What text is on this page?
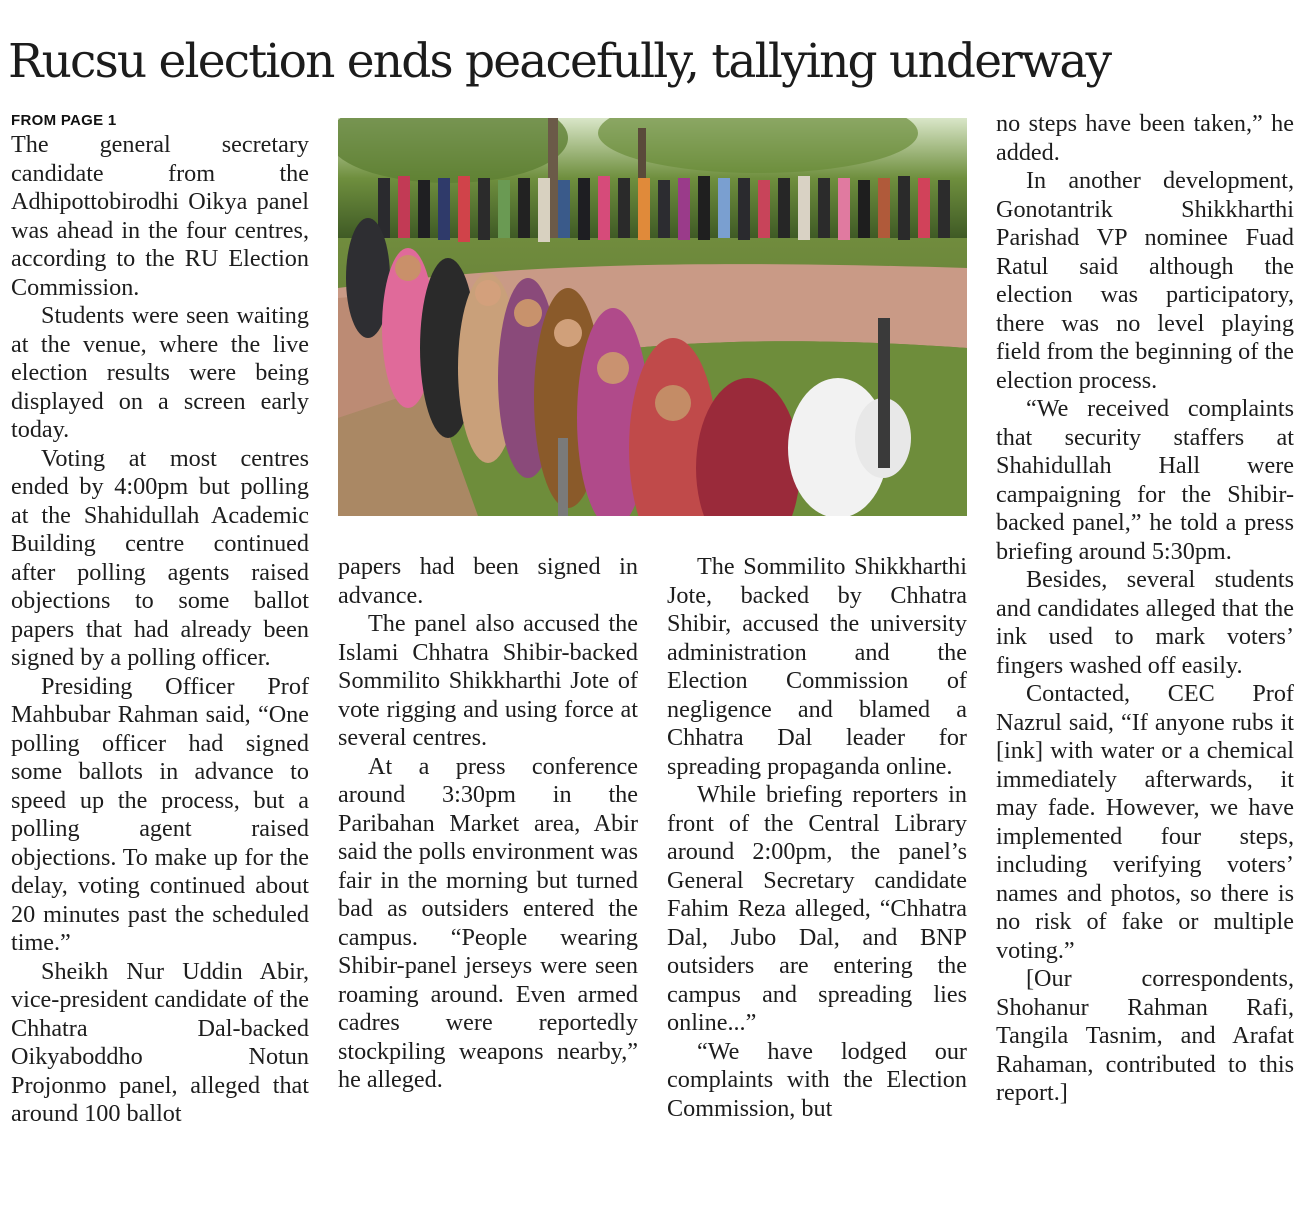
Rucsu election ends peacefully, tallying underway
FROM PAGE 1

The general secretary candidate from the Adhipottobirodhi Oikya panel was ahead in the four centres, according to the RU Election Commission.

Students were seen waiting at the venue, where the live election results were being displayed on a screen early today.

Voting at most centres ended by 4:00pm but polling at the Shahidullah Academic Building centre continued after polling agents raised objections to some ballot papers that had already been signed by a polling officer.

Presiding Officer Prof Mahbubar Rahman said, “One polling officer had signed some ballots in advance to speed up the process, but a polling agent raised objections. To make up for the delay, voting continued about 20 minutes past the scheduled time.”

Sheikh Nur Uddin Abir, vice-president candidate of the Chhatra Dal-backed Oikyaboddho Notun Projonmo panel, alleged that around 100 ballot

papers had been signed in advance.

The panel also accused the Islami Chhatra Shibir-backed Sommilito Shikkharthi Jote of vote rigging and using force at several centres.

At a press conference around 3:30pm in the Paribahan Market area, Abir said the polls environment was fair in the morning but turned bad as outsiders entered the campus. “People wearing Shibir-panel jerseys were seen roaming around. Even armed cadres were reportedly stockpiling weapons nearby,” he alleged.

The Sommilito Shikkharthi Jote, backed by Chhatra Shibir, accused the university administration and the Election Commission of negligence and blamed a Chhatra Dal leader for spreading propaganda online.

While briefing reporters in front of the Central Library around 2:00pm, the panel’s General Secretary candidate Fahim Reza alleged, “Chhatra Dal, Jubo Dal, and BNP outsiders are entering the campus and spreading lies online...”

“We have lodged our complaints with the Election Commission, but

no steps have been taken,” he added.

In another development, Gonotantrik Shikkharthi Parishad VP nominee Fuad Ratul said although the election was participatory, there was no level playing field from the beginning of the election process.

“We received complaints that security staffers at Shahidullah Hall were campaigning for the Shibir-backed panel,” he told a press briefing around 5:30pm.

Besides, several students and candidates alleged that the ink used to mark voters’ fingers washed off easily.

Contacted, CEC Prof Nazrul said, “If anyone rubs it [ink] with water or a chemical immediately afterwards, it may fade. However, we have implemented four steps, including verifying voters’ names and photos, so there is no risk of fake or multiple voting.”

[Our correspondents, Shohanur Rahman Rafi, Tangila Tasnim, and Arafat Rahaman, contributed to this report.]
